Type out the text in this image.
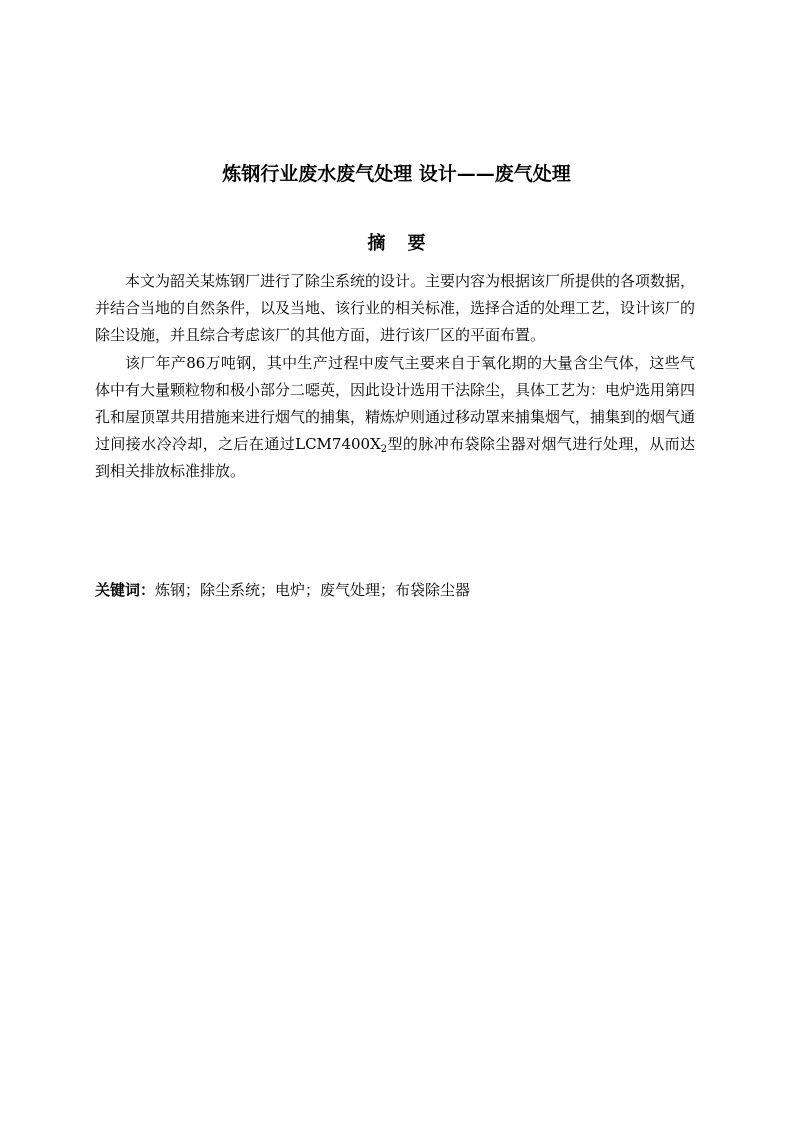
炼钢行业废水废气处理 设计——废气处理
摘要

本文为韶关某炼钢厂进行了除尘系统的设计。主要内容为根据该厂所提供的各项数据，并结合当地的自然条件，以及当地、该行业的相关标准，选择合适的处理工艺，设计该厂的除尘设施，并且综合考虑该厂的其他方面，进行该厂区的平面布置。

该厂年产86万吨钢，其中生产过程中废气主要来自于氧化期的大量含尘气体，这些气体中有大量颗粒物和极小部分二噁英，因此设计选用干法除尘，具体工艺为：电炉选用第四孔和屋顶罩共用措施来进行烟气的捕集，精炼炉则通过移动罩来捕集烟气，捕集到的烟气通过间接水冷冷却，之后在通过$LCM7400X_2$型的脉冲布袋除尘器对烟气进行处理，从而达到相关排放标准排放。

关键词：炼钢；除尘系统；电炉；废气处理；布袋除尘器
